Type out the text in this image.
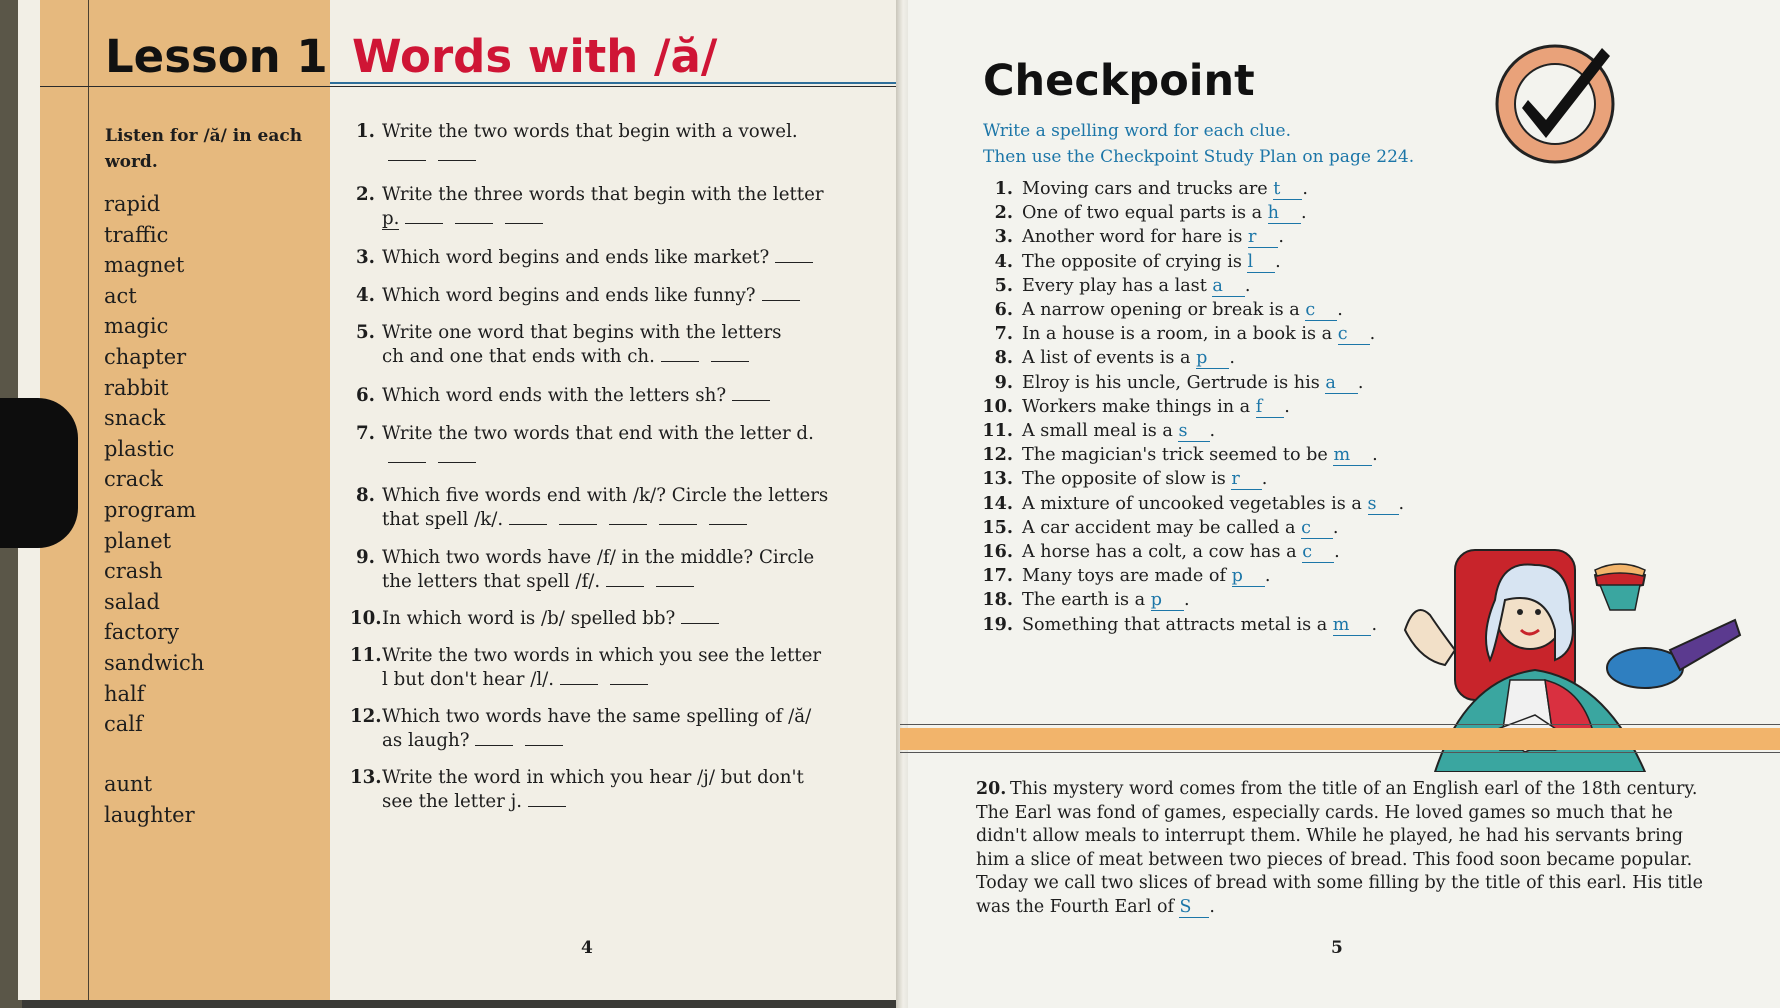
Lesson 1 Words with /ă/
Listen for /ă/ in each word.
rapid
traffic
magnet
act
magic
chapter
rabbit
snack
plastic
crack
program
planet
crash
salad
factory
sandwich
half
calf
aunt
laughter
1. Write the two words that begin with a vowel.
2. Write the three words that begin with the letter
p.
3. Which word begins and ends like market?
4. Which word begins and ends like funny?
5. Write one word that begins with the letters
ch and one that ends with ch.
6. Which word ends with the letters sh?
7. Write the two words that end with the letter d.
8. Which five words end with /k/? Circle the letters
that spell /k/.
9. Which two words have /f/ in the middle? Circle
the letters that spell /f/.
10.In which word is /b/ spelled bb?
11.Write the two words in which you see the letter
l but don't hear /l/.
12.Which two words have the same spelling of /ă/
as laugh?
13.Write the word in which you hear /j/ but don't
see the letter j.
4
Checkpoint
Write a spelling word for each clue.
Then use the Checkpoint Study Plan on page 224.
1. Moving cars and trucks are t .
2. One of two equal parts is a h .
3. Another word for hare is r .
4. The opposite of crying is l .
5. Every play has a last a .
6. A narrow opening or break is a c .
7. In a house is a room, in a book is a c .
8. A list of events is a p .
9. Elroy is his uncle, Gertrude is his a .
10. Workers make things in a f .
11. A small meal is a s .
12. The magician's trick seemed to be m .
13. The opposite of slow is r .
14. A mixture of uncooked vegetables is a s .
15. A car accident may be called a c .
16. A horse has a colt, a cow has a c .
17. Many toys are made of p .
18. The earth is a p .
19. Something that attracts metal is a m .
20. This mystery word comes from the title of an English earl of the 18th century. The Earl was fond of games, especially cards. He loved games so much that he didn't allow meals to interrupt them. While he played, he had his servants bring him a slice of meat between two pieces of bread. This food soon became popular. Today we call two slices of bread with some filling by the title of this earl. His title was the Fourth Earl of S .
5
